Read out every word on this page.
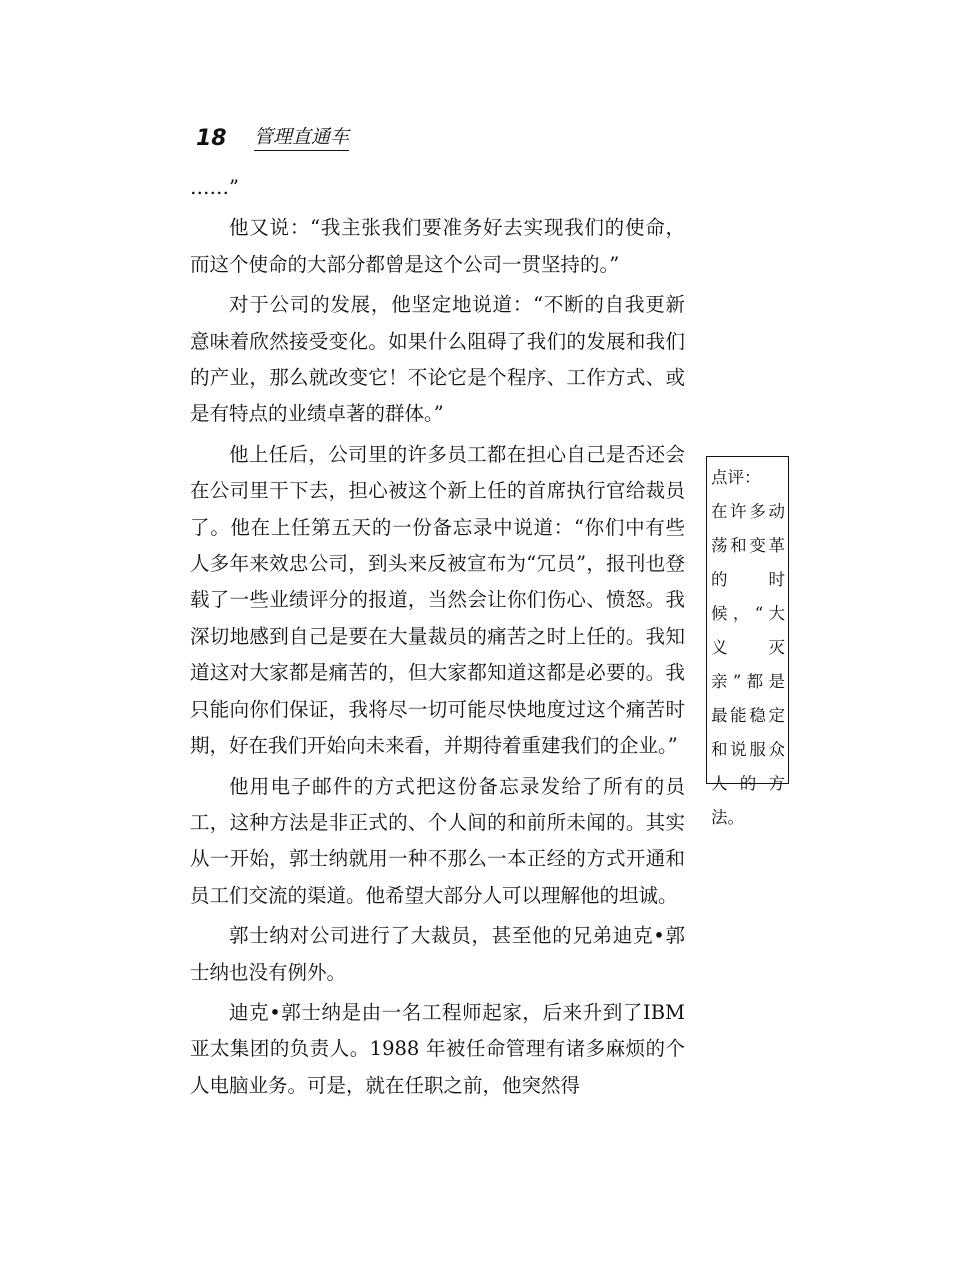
18	管理直通车

……”

他又说：“我主张我们要准务好去实现我们的使命，而这个使命的大部分都曾是这个公司一贯坚持的。”

对于公司的发展，他坚定地说道：“不断的自我更新意味着欣然接受变化。如果什么阻碍了我们的发展和我们的产业，那么就改变它！不论它是个程序、工作方式、或是有特点的业绩卓著的群体。”

他上任后，公司里的许多员工都在担心自己是否还会在公司里干下去，担心被这个新上任的首席执行官给裁员了。他在上任第五天的一份备忘录中说道：“你们中有些人多年来效忠公司，到头来反被宣布为“冗员”，报刊也登载了一些业绩评分的报道，当然会让你们伤心、愤怒。我深切地感到自己是要在大量裁员的痛苦之时上任的。我知道这对大家都是痛苦的，但大家都知道这都是必要的。我只能向你们保证，我将尽一切可能尽快地度过这个痛苦时期，好在我们开始向未来看，并期待着重建我们的企业。”

他用电子邮件的方式把这份备忘录发给了所有的员工，这种方法是非正式的、个人间的和前所未闻的。其实从一开始，郭士纳就用一种不那么一本正经的方式开通和员工们交流的渠道。他希望大部分人可以理解他的坦诚。

郭士纳对公司进行了大裁员，甚至他的兄弟迪克•郭士纳也没有例外。

迪克•郭士纳是由一名工程师起家，后来升到了IBM 亚太集团的负责人。1988 年被任命管理有诸多麻烦的个人电脑业务。可是，就在任职之前，他突然得

点评：
在许多动荡和变革的时候，“大义灭亲”都是最能稳定和说服众人的方法。
